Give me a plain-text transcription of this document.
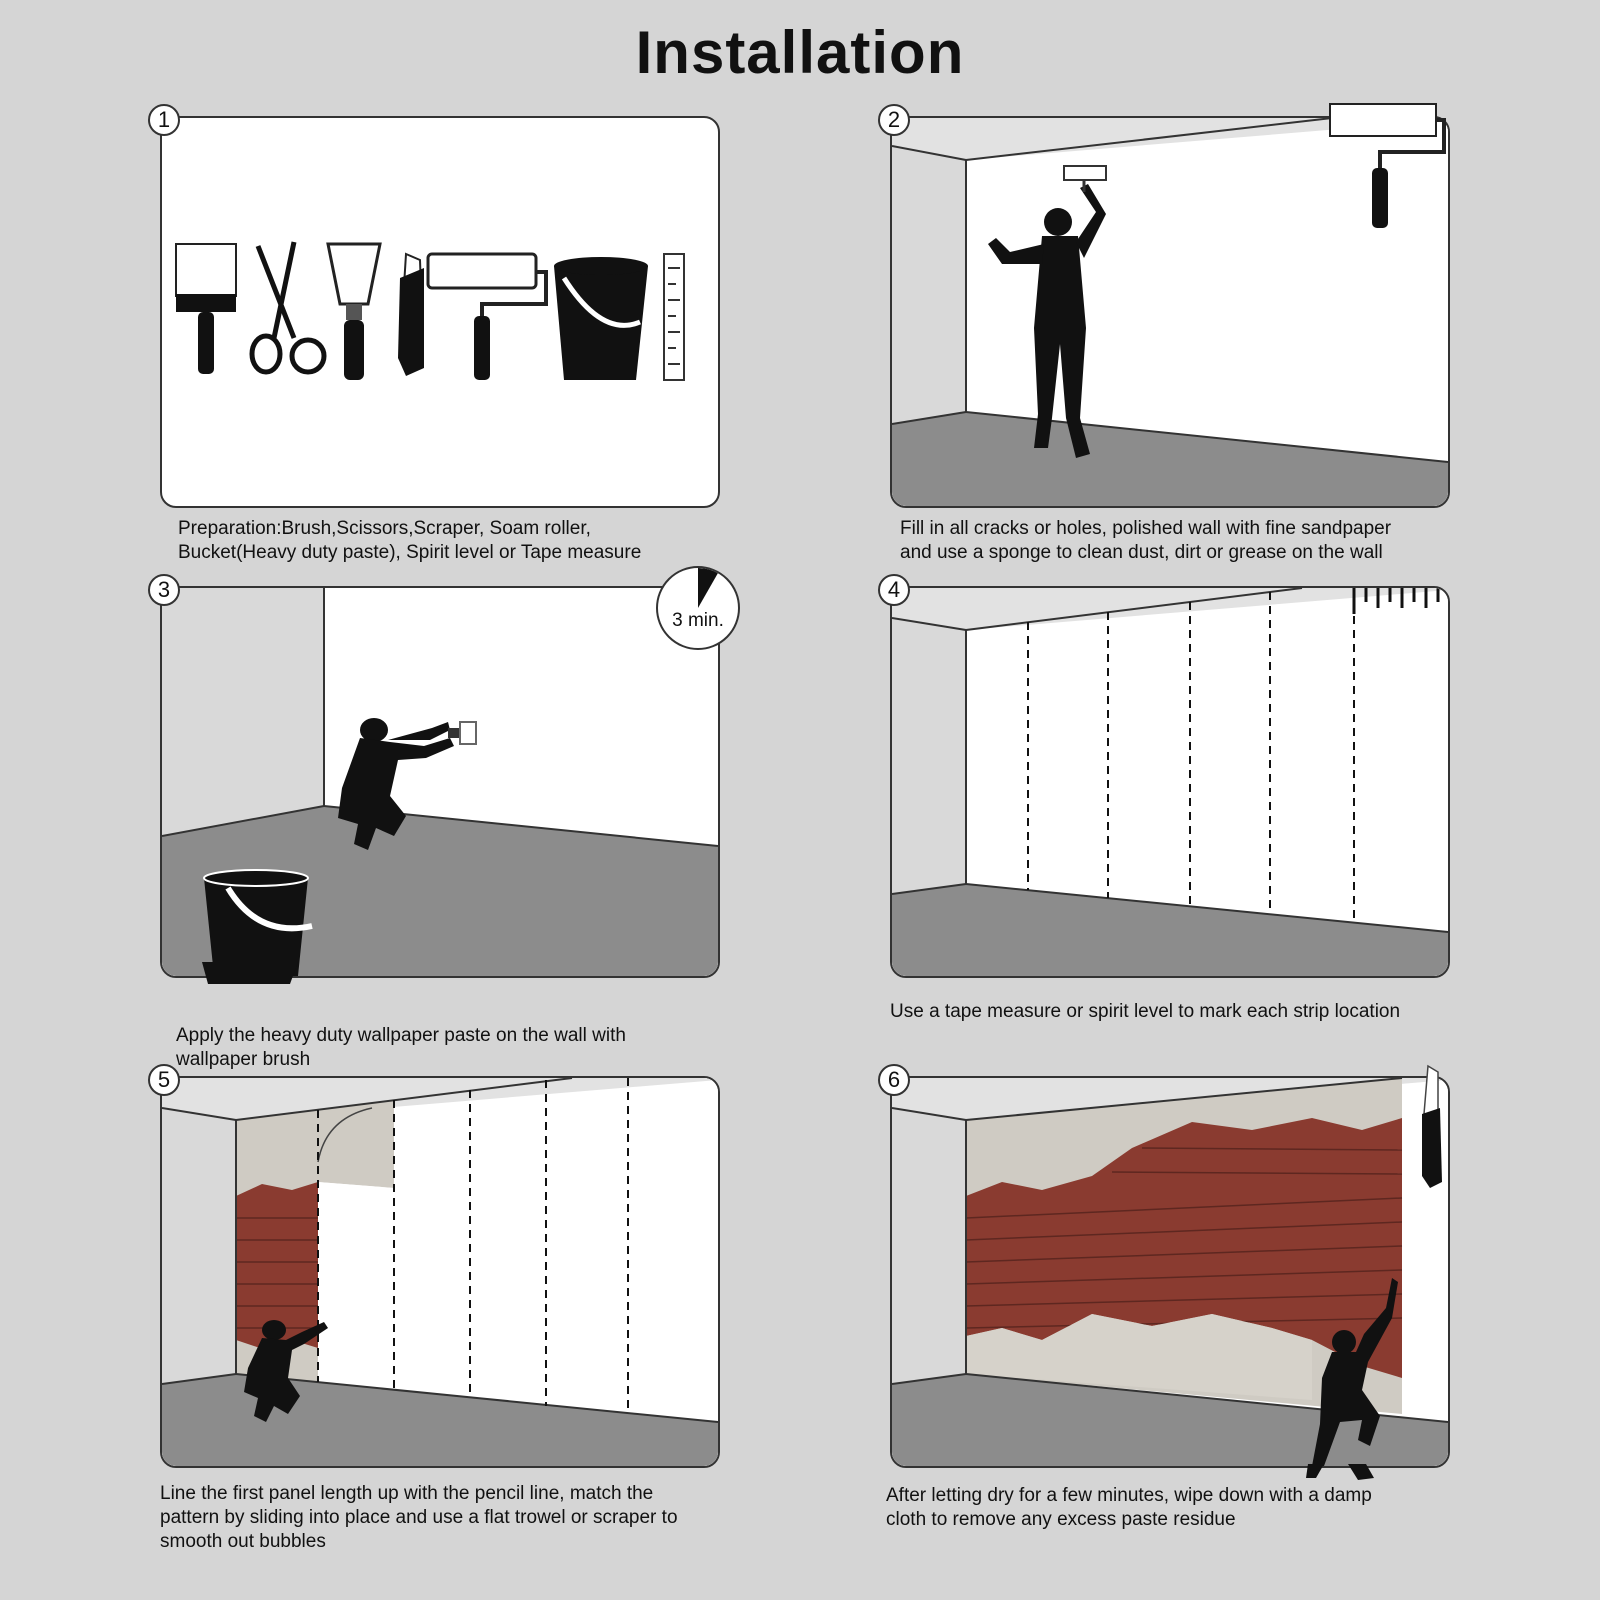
Installation
1
Preparation:Brush,Scissors,Scraper, Soam roller,
Bucket(Heavy duty paste), Spirit level or Tape measure
2
Fill in all cracks or holes, polished wall with fine sandpaper
and use a sponge to clean dust, dirt or grease on the wall
3
3 min.
Apply the heavy duty wallpaper paste on the wall with
wallpaper brush
4
Use a tape measure or spirit level to mark each strip location
5
Line the first panel length up with the pencil line, match the
pattern by sliding into place and use a flat trowel or scraper to
smooth out bubbles
6
After letting dry for a few minutes, wipe down with a damp
cloth to remove any excess paste residue
